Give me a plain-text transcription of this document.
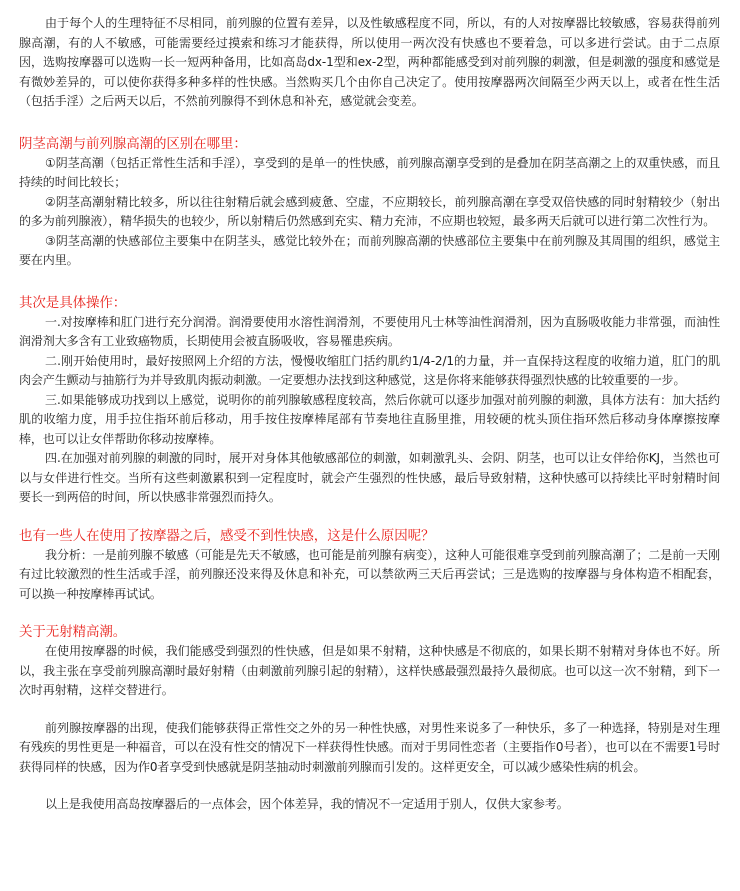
由于每个人的生理特征不尽相同，前列腺的位置有差异，以及性敏感程度不同，所以，有的人对按摩器比较敏感，容易获得前列腺高潮，有的人不敏感，可能需要经过摸索和练习才能获得，所以使用一两次没有快感也不要着急，可以多进行尝试。由于二点原因，选购按摩器可以选购一长一短两种备用，比如高岛dx-1型和ex-2型，两种都能感受到对前列腺的刺激，但是刺激的强度和感觉是有微妙差异的，可以使你获得多种多样的性快感。当然购买几个由你自己决定了。使用按摩器两次间隔至少两天以上，或者在性生活（包括手淫）之后两天以后，不然前列腺得不到休息和补充，感觉就会变差。

阴茎高潮与前列腺高潮的区别在哪里：

①阴茎高潮（包括正常性生活和手淫），享受到的是单一的性快感，前列腺高潮享受到的是叠加在阴茎高潮之上的双重快感，而且持续的时间比较长；

②阴茎高潮射精比较多，所以往往射精后就会感到疲惫、空虚，不应期较长，前列腺高潮在享受双倍快感的同时射精较少（射出的多为前列腺液），精华损失的也较少，所以射精后仍然感到充实、精力充沛，不应期也较短，最多两天后就可以进行第二次性行为。

③阴茎高潮的快感部位主要集中在阴茎头，感觉比较外在；而前列腺高潮的快感部位主要集中在前列腺及其周围的组织，感觉主要在内里。

其次是具体操作：

一.对按摩棒和肛门进行充分润滑。润滑要使用水溶性润滑剂，不要使用凡士林等油性润滑剂，因为直肠吸收能力非常强，而油性润滑剂大多含有工业致癌物质，长期使用会被直肠吸收，容易罹患疾病。

二.刚开始使用时，最好按照网上介绍的方法，慢慢收缩肛门括约肌约1/4-2/1的力量，并一直保持这程度的收缩力道，肛门的肌肉会产生颤动与抽筋行为并导致肌肉振动刺激。一定要想办法找到这种感觉，这是你将来能够获得强烈快感的比较重要的一步。

三.如果能够成功找到以上感觉，说明你的前列腺敏感程度较高，然后你就可以逐步加强对前列腺的刺激，具体方法有：加大括约肌的收缩力度，用手拉住指环前后移动，用手按住按摩棒尾部有节奏地往直肠里推，用较硬的枕头顶住指环然后移动身体摩擦按摩棒，也可以让女伴帮助你移动按摩棒。

四.在加强对前列腺的刺激的同时，展开对身体其他敏感部位的刺激，如刺激乳头、会阴、阴茎，也可以让女伴给你KJ，当然也可以与女伴进行性交。当所有这些刺激累积到一定程度时，就会产生强烈的性快感，最后导致射精，这种快感可以持续比平时射精时间要长一到两倍的时间，所以快感非常强烈而持久。

也有一些人在使用了按摩器之后，感受不到性快感，这是什么原因呢？

我分析：一是前列腺不敏感（可能是先天不敏感，也可能是前列腺有病变），这种人可能很难享受到前列腺高潮了；二是前一天刚有过比较激烈的性生活或手淫，前列腺还没来得及休息和补充，可以禁欲两三天后再尝试；三是选购的按摩器与身体构造不相配套，可以换一种按摩棒再试试。

关于无射精高潮。

在使用按摩器的时候，我们能感受到强烈的性快感，但是如果不射精，这种快感是不彻底的，如果长期不射精对身体也不好。所以，我主张在享受前列腺高潮时最好射精（由刺激前列腺引起的射精），这样快感最强烈最持久最彻底。也可以这一次不射精，到下一次时再射精，这样交替进行。

前列腺按摩器的出现，使我们能够获得正常性交之外的另一种性快感，对男性来说多了一种快乐，多了一种选择，特别是对生理有残疾的男性更是一种福音，可以在没有性交的情况下一样获得性快感。而对于男同性恋者（主要指作0号者），也可以在不需要1号时获得同样的快感，因为作0者享受到快感就是阴茎抽动时刺激前列腺而引发的。这样更安全，可以减少感染性病的机会。

以上是我使用高岛按摩器后的一点体会，因个体差异，我的情况不一定适用于别人，仅供大家参考。
